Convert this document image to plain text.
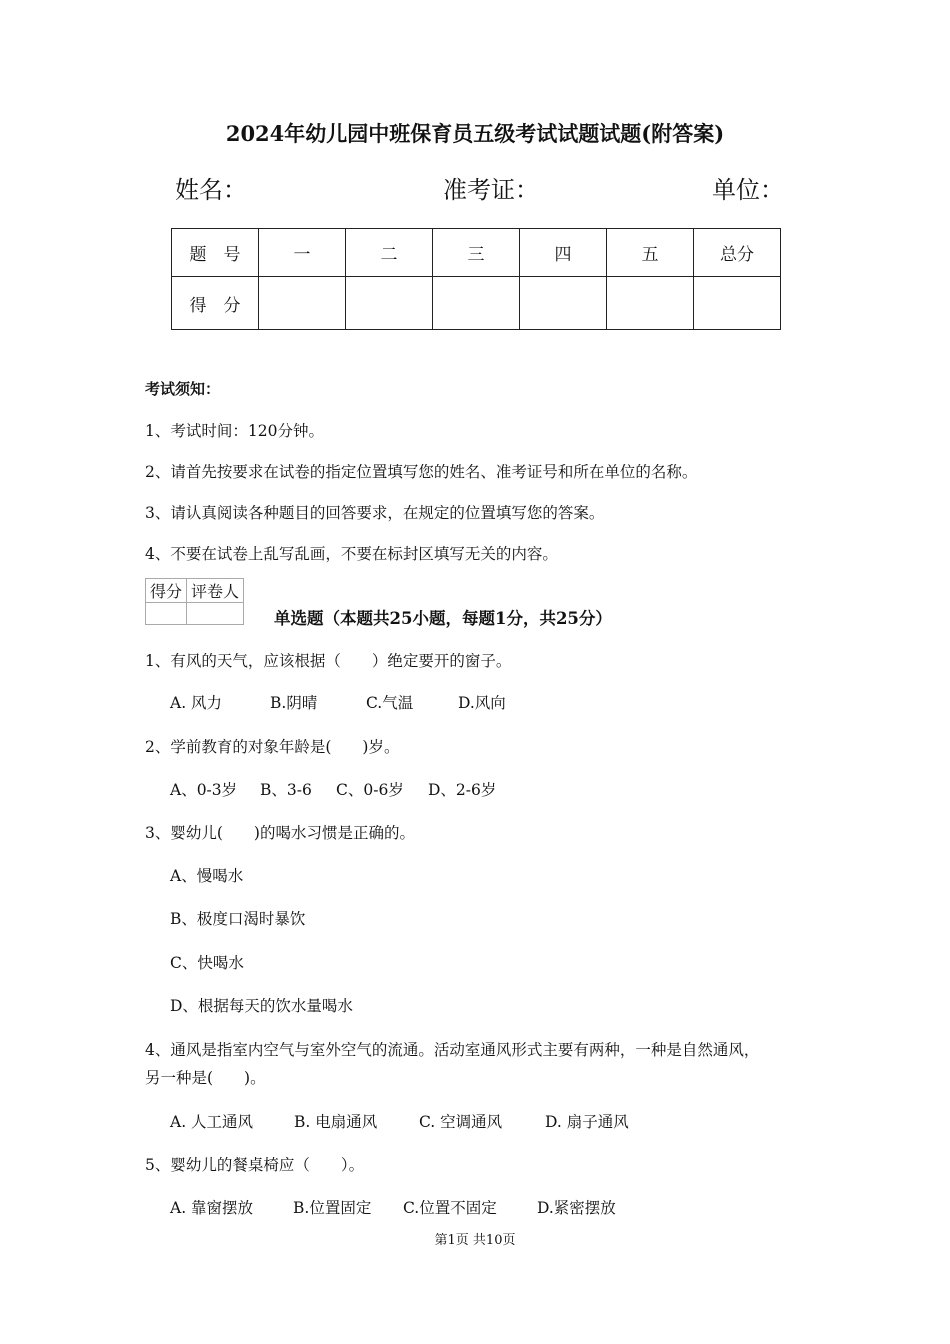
2024年幼儿园中班保育员五级考试试题试题(附答案)
姓名：	准考证：	单位：
题　号	一	二	三	四	五	总分
得　分						
考试须知：
1、考试时间：120分钟。
2、请首先按要求在试卷的指定位置填写您的姓名、准考证号和所在单位的名称。
3、请认真阅读各种题目的回答要求，在规定的位置填写您的答案。
4、不要在试卷上乱写乱画，不要在标封区填写无关的内容。
得分	评卷人

单选题（本题共25小题，每题1分，共25分）
1、有风的天气，应该根据（　　）绝定要开的窗子。
A. 风力	B.阴晴	C.气温	D.风向
2、学前教育的对象年龄是(　　)岁。
A、0-3岁 B、3-6 C、0-6岁 D、2-6岁
3、婴幼儿(　　)的喝水习惯是正确的。
A、慢喝水
B、极度口渴时暴饮
C、快喝水
D、根据每天的饮水量喝水
4、通风是指室内空气与室外空气的流通。活动室通风形式主要有两种，一种是自然通风，
另一种是(　　)。
A. 人工通风	B. 电扇通风	C. 空调通风	D. 扇子通风
5、婴幼儿的餐桌椅应（　　）。
A. 靠窗摆放	B.位置固定 C.位置不固定	D.紧密摆放
第1页 共10页
